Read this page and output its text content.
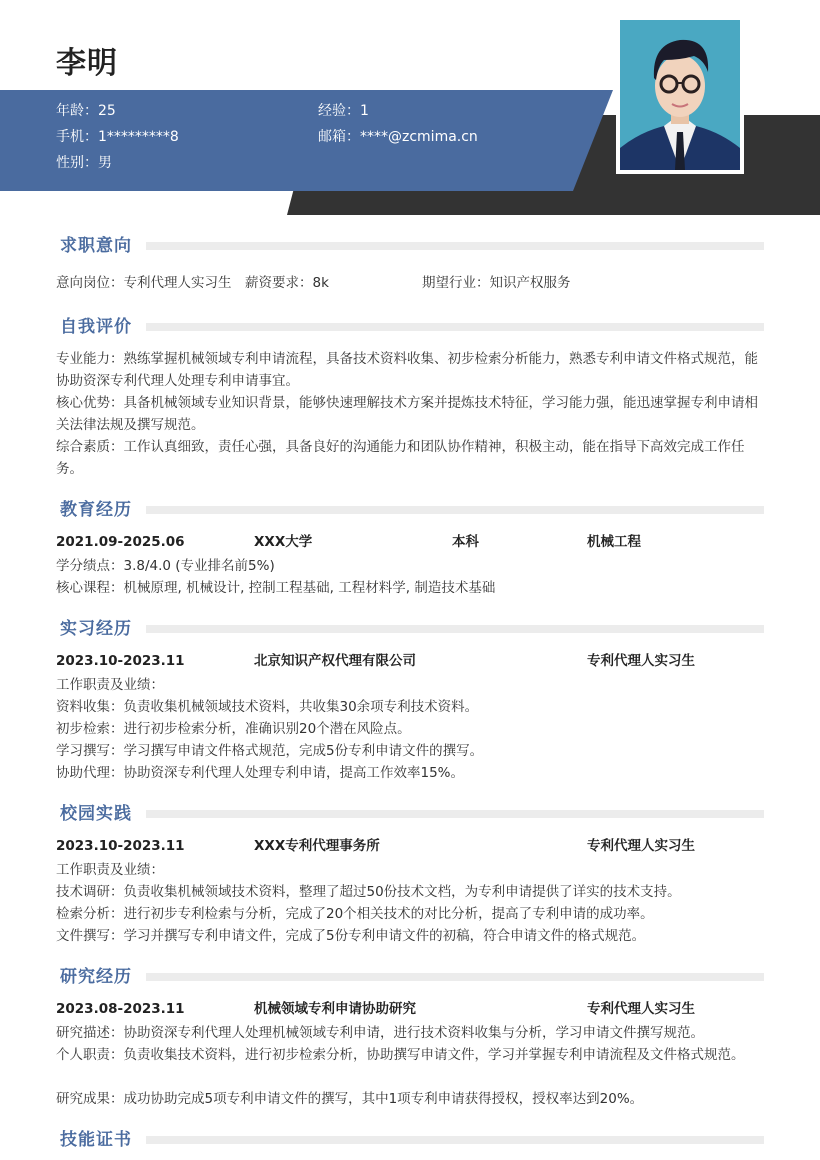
李明
年龄：25	经验：1
手机：1*********8	邮箱：****@zcmima.cn
性别：男
求职意向
意向岗位：专利代理人实习生 薪资要求：8k	期望行业：知识产权服务
自我评价
专业能力：熟练掌握机械领域专利申请流程，具备技术资料收集、初步检索分析能力，熟悉专利申请文件格式规范，能协助资深专利代理人处理专利申请事宜。
核心优势：具备机械领域专业知识背景，能够快速理解技术方案并提炼技术特征，学习能力强，能迅速掌握专利申请相关法律法规及撰写规范。
综合素质：工作认真细致，责任心强，具备良好的沟通能力和团队协作精神，积极主动，能在指导下高效完成工作任务。
教育经历
2021.09-2025.06	XXX大学	本科	机械工程
学分绩点：3.8/4.0 (专业排名前5%)
核心课程：机械原理, 机械设计, 控制工程基础, 工程材料学, 制造技术基础
实习经历
2023.10-2023.11	北京知识产权代理有限公司	专利代理人实习生
工作职责及业绩：
资料收集：负责收集机械领域技术资料，共收集30余项专利技术资料。
初步检索：进行初步检索分析，准确识别20个潜在风险点。
学习撰写：学习撰写申请文件格式规范，完成5份专利申请文件的撰写。
协助代理：协助资深专利代理人处理专利申请，提高工作效率15%。
校园实践
2023.10-2023.11	XXX专利代理事务所	专利代理人实习生
工作职责及业绩：
技术调研：负责收集机械领域技术资料，整理了超过50份技术文档，为专利申请提供了详实的技术支持。
检索分析：进行初步专利检索与分析，完成了20个相关技术的对比分析，提高了专利申请的成功率。
文件撰写：学习并撰写专利申请文件，完成了5份专利申请文件的初稿，符合申请文件的格式规范。
研究经历
2023.08-2023.11	机械领域专利申请协助研究	专利代理人实习生
研究描述：协助资深专利代理人处理机械领域专利申请，进行技术资料收集与分析，学习申请文件撰写规范。
个人职责：负责收集技术资料，进行初步检索分析，协助撰写申请文件，学习并掌握专利申请流程及文件格式规范。
研究成果：成功协助完成5项专利申请文件的撰写，其中1项专利申请获得授权，授权率达到20%。
技能证书
